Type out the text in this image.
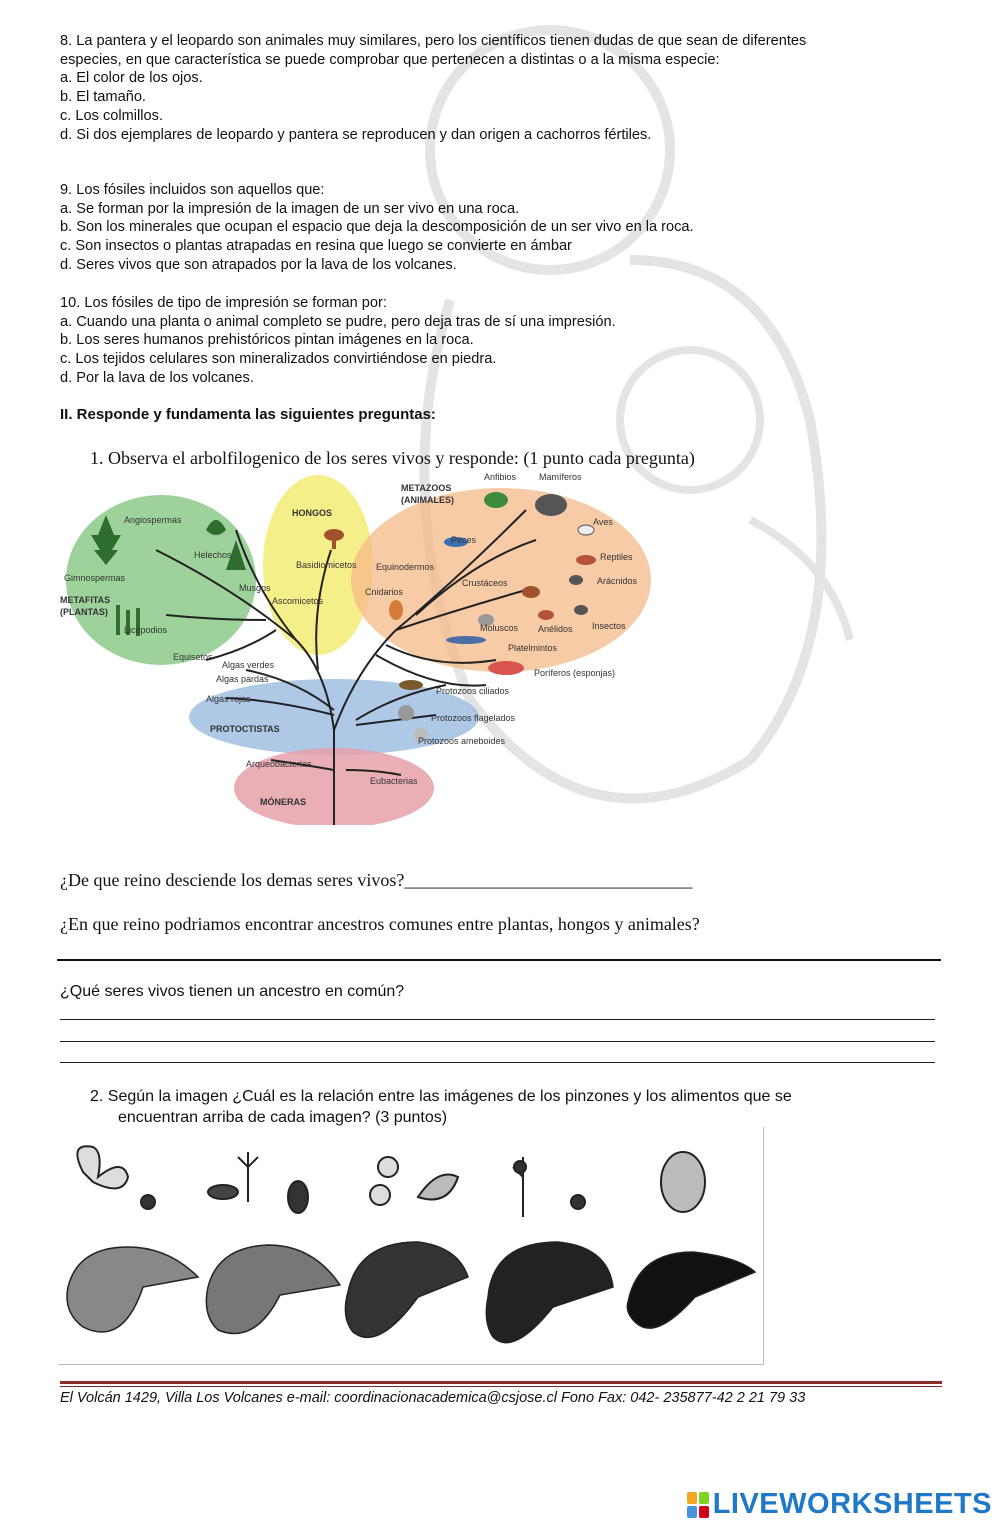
8. La pantera y el leopardo son animales muy similares, pero los científicos tienen dudas de que sean de diferentes
especies, en que característica se puede comprobar que pertenecen a distintas o a la misma especie:
a. El color de los ojos.
b. El tamaño.
c. Los colmillos.
d. Si dos ejemplares de leopardo y pantera se reproducen y dan origen a cachorros fértiles.
9. Los fósiles incluidos son aquellos que:
a. Se forman por la impresión de la imagen de un ser vivo en una roca.
b. Son los minerales que ocupan el espacio que deja la descomposición de un ser vivo en la roca.
c. Son insectos o plantas atrapadas en resina que luego se convierte en ámbar
d. Seres vivos que son atrapados por la lava de los volcanes.
10. Los fósiles de tipo de impresión se forman por:
a. Cuando una planta o animal completo se pudre, pero deja tras de sí una impresión.
b. Los seres humanos prehistóricos pintan imágenes en la roca.
c. Los tejidos celulares son mineralizados convirtiéndose en piedra.
d. Por la lava de los volcanes.
II. Responde y fundamenta las siguientes preguntas:
1. Observa el arbolfilogenico de los seres vivos y responde: (1 punto cada pregunta)
METAZOOS
(ANIMALES)
Anfibios	Mamíferos
HONGOS
Angiospermas
Helechos
Gimnospermas
METAFITAS
(PLANTAS)
Musgos
Licopodios
Equisetos
Basidiomicetos
Ascomicetos
Equinodermos
Peces
Aves
Reptiles
Arácnidos
Crustáceos
Cnidarios
Moluscos Anélidos Insectos
Platelmintos
Poríferos (esponjas)
Algas verdes
Algas pardas
Algas rojas
PROTOCTISTAS
Protozoos ciliados
Protozoos flagelados
Protozoos ameboides
Arqueobacterias
Eubacterias
MÓNERAS
¿De que reino desciende los demas seres vivos?________________________________
¿En que reino podriamos encontrar ancestros comunes entre plantas, hongos y animales?
¿Qué seres vivos tienen un ancestro en común?
2. Según la imagen ¿Cuál es la relación entre las imágenes de los pinzones y los alimentos que se
encuentran arriba de cada imagen? (3 puntos)
El Volcán 1429, Villa Los Volcanes e-mail: coordinacionacademica@csjose.cl Fono Fax: 042- 235877-42 2 21 79 33
LIVEWORKSHEETS
